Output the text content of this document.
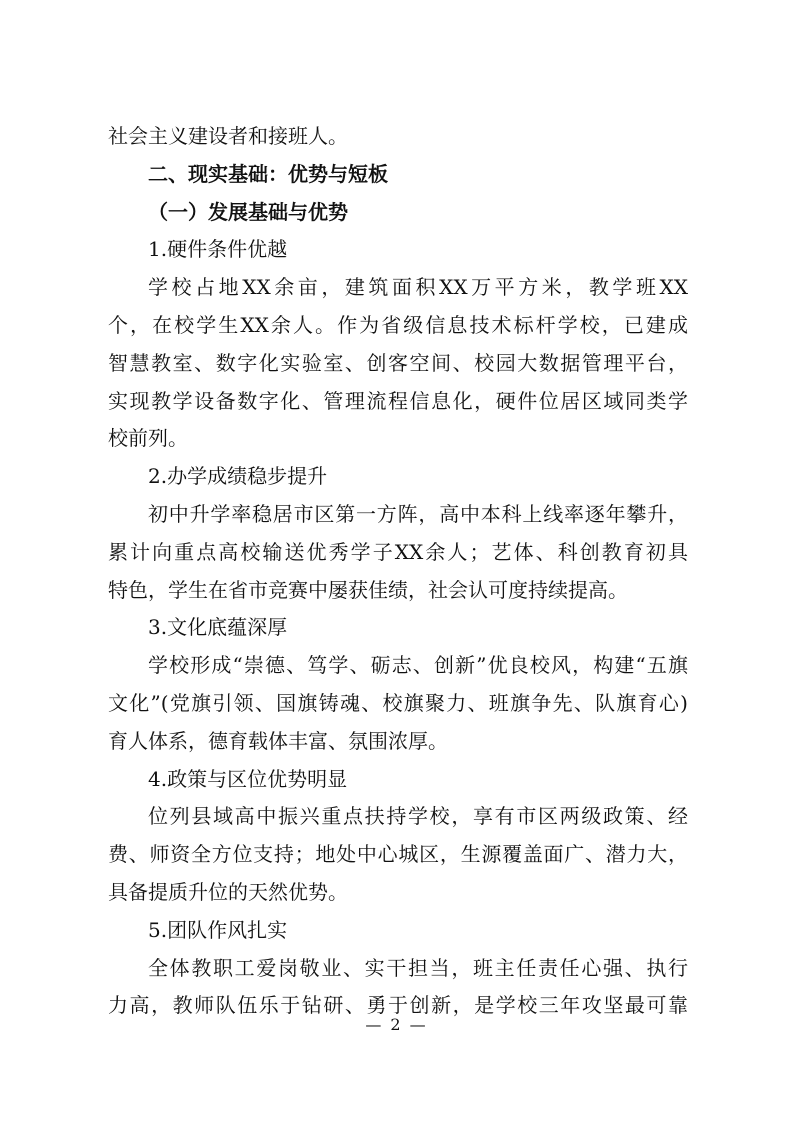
社会主义建设者和接班人。
二、现实基础：优势与短板
（一）发展基础与优势
1.硬件条件优越
学校占地XX余亩，建筑面积XX万平方米，教学班XX
个，在校学生XX余人。作为省级信息技术标杆学校，已建成
智慧教室、数字化实验室、创客空间、校园大数据管理平台，
实现教学设备数字化、管理流程信息化，硬件位居区域同类学
校前列。
2.办学成绩稳步提升
初中升学率稳居市区第一方阵，高中本科上线率逐年攀升，
累计向重点高校输送优秀学子XX余人；艺体、科创教育初具
特色，学生在省市竞赛中屡获佳绩，社会认可度持续提高。
3.文化底蕴深厚
学校形成“崇德、笃学、砺志、创新”优良校风，构建“五旗
文化”(党旗引领、国旗铸魂、校旗聚力、班旗争先、队旗育心)
育人体系，德育载体丰富、氛围浓厚。
4.政策与区位优势明显
位列县域高中振兴重点扶持学校，享有市区两级政策、经
费、师资全方位支持；地处中心城区，生源覆盖面广、潜力大，
具备提质升位的天然优势。
5.团队作风扎实
全体教职工爱岗敬业、实干担当，班主任责任心强、执行
力高，教师队伍乐于钻研、勇于创新，是学校三年攻坚最可靠
— 2 —
